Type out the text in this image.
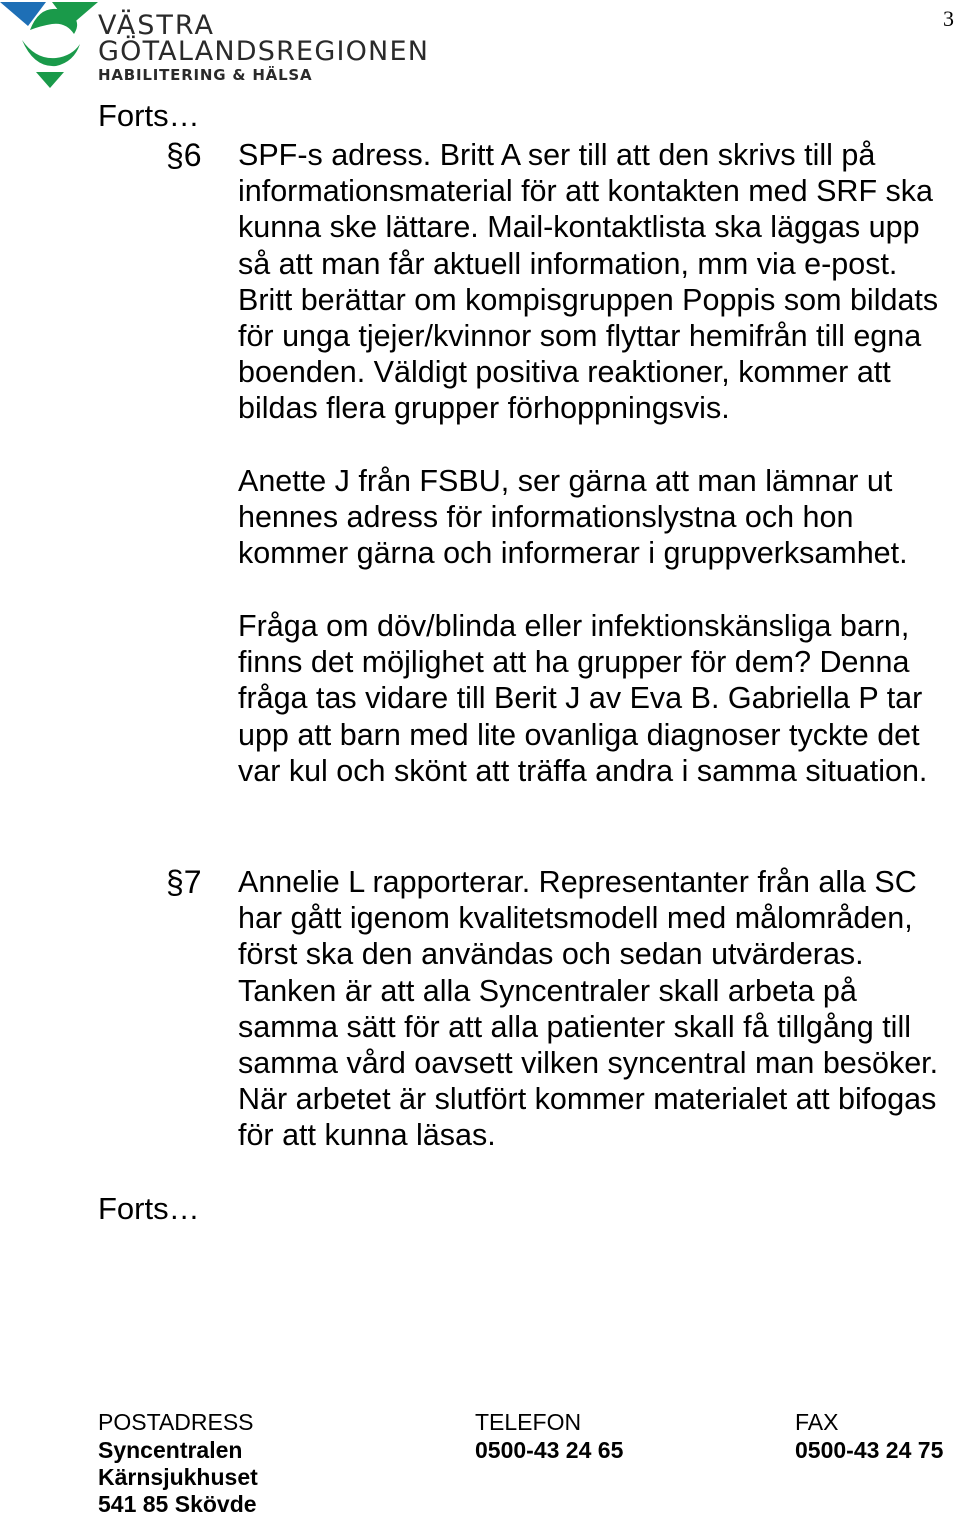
VÄSTRA
GÖTALANDSREGIONEN
HABILITERING & HÄLSA
3
Forts…
§6 SPF-s adress. Britt A ser till att den skrivs till på informationsmaterial för att kontakten med SRF ska kunna ske lättare. Mail-kontaktlista ska läggas upp så att man får aktuell information, mm via e-post. Britt berättar om kompisgruppen Poppis som bildats för unga tjejer/kvinnor som flyttar hemifrån till egna boenden. Väldigt positiva reaktioner, kommer att bildas flera grupper förhoppningsvis.

Anette J från FSBU, ser gärna att man lämnar ut hennes adress för informationslystna och hon kommer gärna och informerar i gruppverksamhet.

Fråga om döv/blinda eller infektionskänsliga barn, finns det möjlighet att ha grupper för dem? Denna fråga tas vidare till Berit J av Eva B. Gabriella P tar upp att barn med lite ovanliga diagnoser tyckte det var kul och skönt att träffa andra i samma situation.

§7 Annelie L rapporterar. Representanter från alla SC har gått igenom kvalitetsmodell med målområden, först ska den användas och sedan utvärderas. Tanken är att alla Syncentraler skall arbeta på samma sätt för att alla patienter skall få tillgång till samma vård oavsett vilken syncentral man besöker. När arbetet är slutfört kommer materialet att bifogas för att kunna läsas.

Forts…
POSTADRESS
Syncentralen
Kärnsjukhuset
541 85 Skövde
TELEFON
0500-43 24 65
FAX
0500-43 24 75
